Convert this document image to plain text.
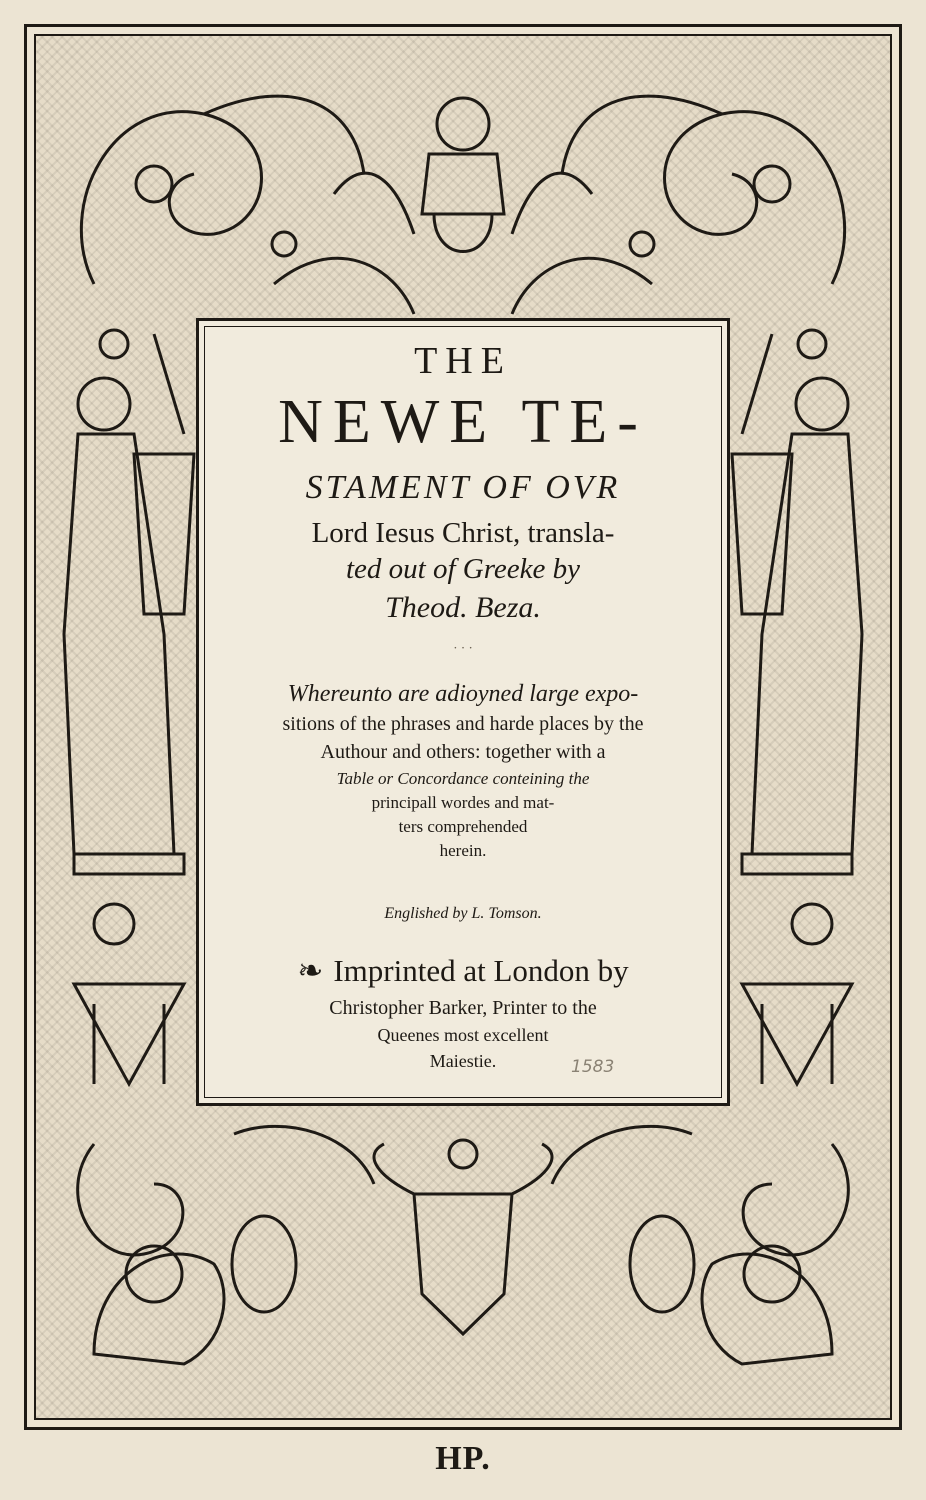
THE
NEWE TE-
STAMENT OF OVR
Lord Iesus Christ, transla-
ted out of Greeke by
Theod. Beza.
· · ·
Whereunto are adioyned large expo-
sitions of the phrases and harde places by the
Authour and others: together with a
Table or Concordance conteining the
principall wordes and mat-
ters comprehended
herein.
Englished by L. Tomson.
❧ Imprinted at London by
Christopher Barker, Printer to the
Queenes most excellent
Maiestie.	1583
HP.
